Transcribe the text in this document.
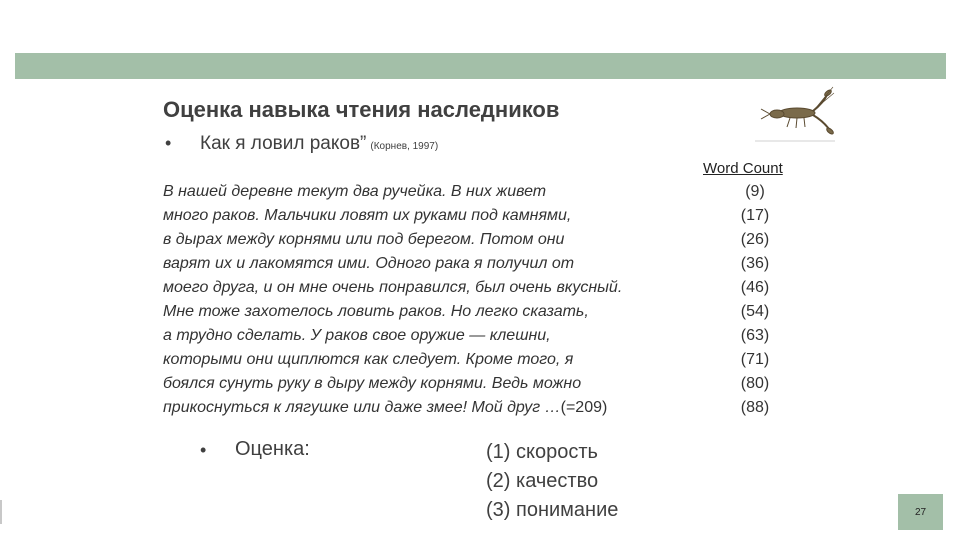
Оценка навыка чтения наследников
• Как я ловил раков” (Корнев, 1997)
Word Count
В нашей деревне текут два ручейка. В них живет
много раков. Мальчики ловят их руками под камнями,
в дырах между корнями или под берегом. Потом они
варят их и лакомятся ими. Одного рака я получил от
моего друга, и он мне очень понравился, был очень вкусный.
Мне тоже захотелось ловить раков. Но легко сказать,
а трудно сделать. У раков свое оружие — клешни,
которыми они щиплются как следует. Кроме того, я
боялся сунуть руку в дыру между корнями. Ведь можно
прикоснуться к лягушке или даже змее! Мой друг …(=209)
(9)
(17)
(26)
(36)
(46)
(54)
(63)
(71)
(80)
(88)
• Оценка:	(1) скорость
(2) качество
(3) понимание	27
